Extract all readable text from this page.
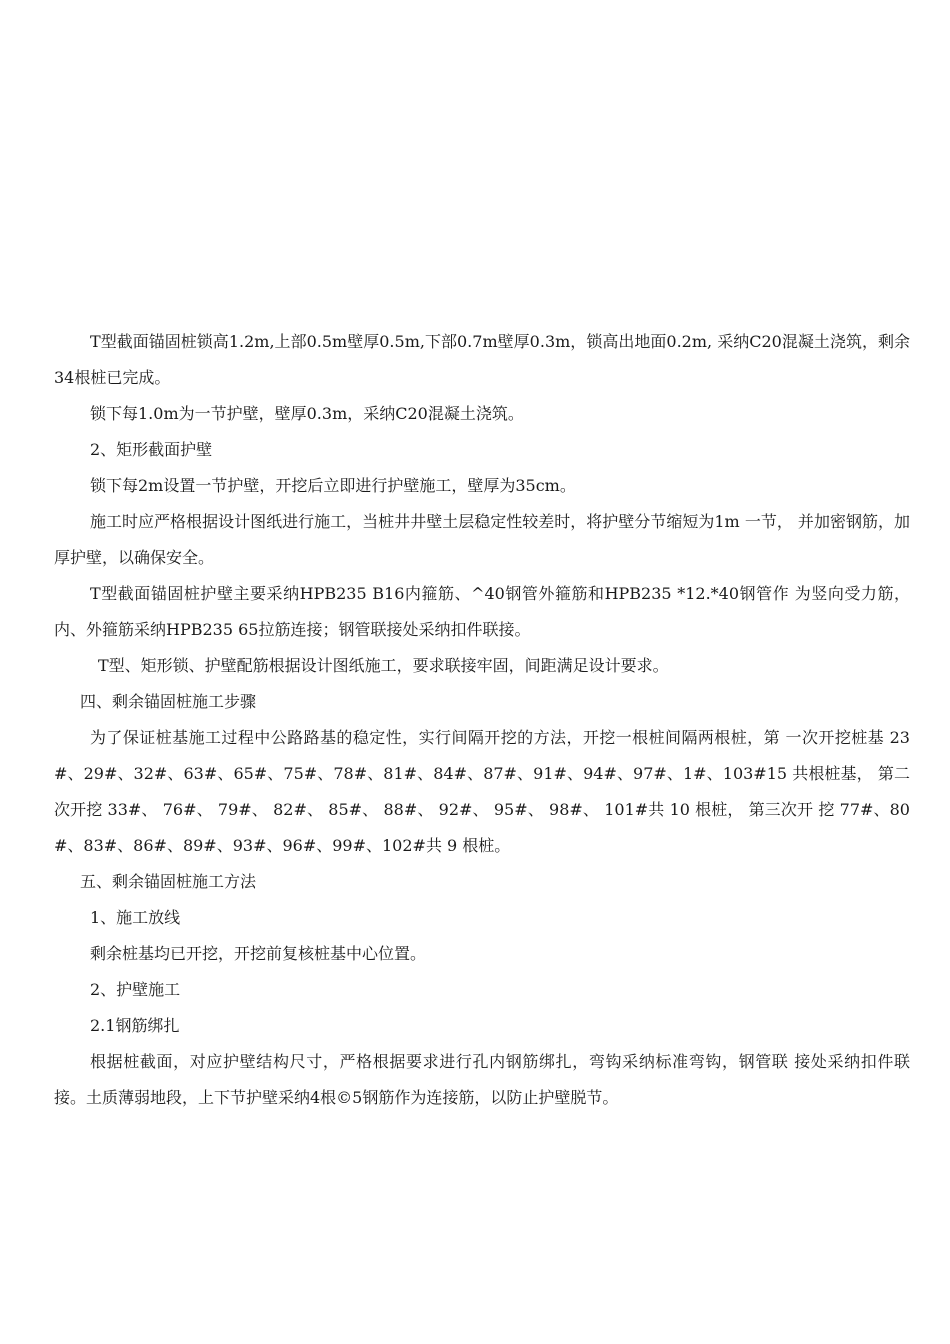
T型截面锚固桩锁高1.2m,上部0.5m壁厚0.5m,下部0.7m壁厚0.3m，锁高出地面0.2m, 采纳C20混凝土浇筑，剩余34根桩已完成。

锁下每1.0m为一节护壁，壁厚0.3m，采纳C20混凝土浇筑。

2、矩形截面护壁

锁下每2m设置一节护壁，开挖后立即进行护壁施工，壁厚为35cm。

施工时应严格根据设计图纸进行施工，当桩井井壁土层稳定性较差时，将护壁分节缩短为1m 一节， 并加密钢筋，加厚护壁，以确保安全。

T型截面锚固桩护壁主要采纳HPB235 B16内箍筋、^40钢管外箍筋和HPB235 *12.*40钢管作 为竖向受力筋，内、外箍筋采纳HPB235 65拉筋连接；钢管联接处采纳扣件联接。

T型、矩形锁、护壁配筋根据设计图纸施工，要求联接牢固，间距满足设计要求。

四、剩余锚固桩施工步骤

为了保证桩基施工过程中公路路基的稳定性，实行间隔开挖的方法，开挖一根桩间隔两根桩，第 一次开挖桩基 23#、29#、32#、63#、65#、75#、78#、81#、84#、87#、91#、94#、97#、1#、103#15 共根桩基， 第二次开挖 33#、 76#、 79#、 82#、 85#、 88#、 92#、 95#、 98#、 101#共 10 根桩， 第三次开 挖 77#、80#、83#、86#、89#、93#、96#、99#、102#共 9 根桩。

五、剩余锚固桩施工方法

1、施工放线

剩余桩基均已开挖，开挖前复核桩基中心位置。

2、护壁施工

2.1钢筋绑扎

根据桩截面，对应护壁结构尺寸，严格根据要求进行孔内钢筋绑扎，弯钩采纳标准弯钩，钢管联 接处采纳扣件联接。土质薄弱地段，上下节护壁采纳4根©5钢筋作为连接筋，以防止护壁脱节。
